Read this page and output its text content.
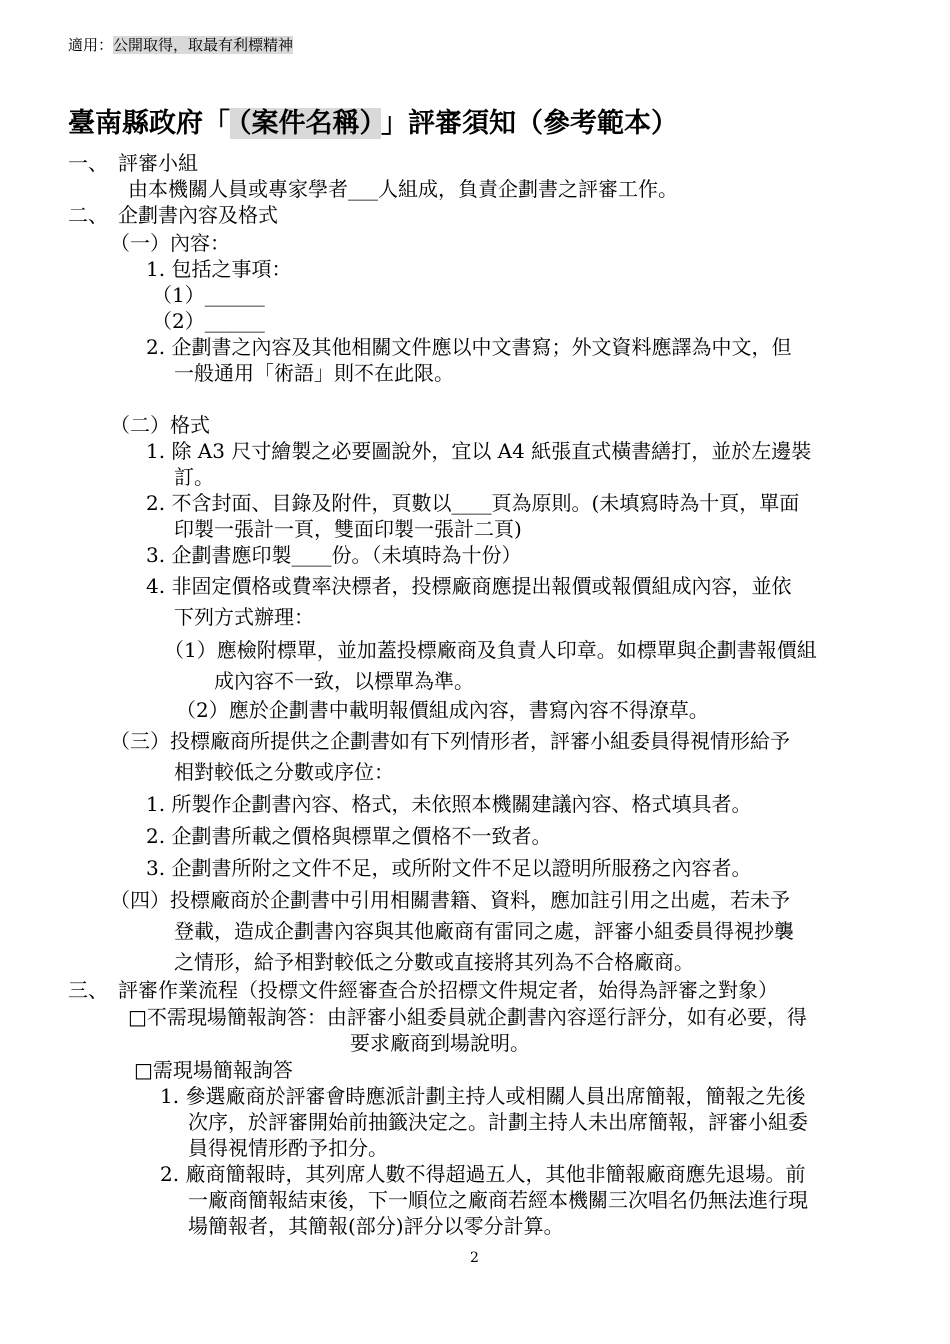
適用：公開取得，取最有利標精神
臺南縣政府「 （案件名稱） 」評審須知（參考範本）
一、　評審小組
由本機關人員或專家學者___人組成，負責企劃書之評審工作。
二、　企劃書內容及格式
（一）內容：
1. 包括之事項：
（1）______
（2）______
2. 企劃書之內容及其他相關文件應以中文書寫；外文資料應譯為中文，但
一般通用「術語」則不在此限。
（二）格式
1. 除 A3 尺寸繪製之必要圖說外，宜以 A4 紙張直式橫書繕打，並於左邊裝
訂。
2. 不含封面、目錄及附件，頁數以____頁為原則。(未填寫時為十頁，單面
印製一張計一頁，雙面印製一張計二頁)
3. 企劃書應印製____份。（未填時為十份）
4. 非固定價格或費率決標者，投標廠商應提出報價或報價組成內容，並依
下列方式辦理：
（1）應檢附標單，並加蓋投標廠商及負責人印章。如標單與企劃書報價組
成內容不一致，以標單為準。
（2）應於企劃書中載明報價組成內容，書寫內容不得潦草。
（三）投標廠商所提供之企劃書如有下列情形者，評審小組委員得視情形給予
相對較低之分數或序位：
1. 所製作企劃書內容、格式，未依照本機關建議內容、格式填具者。
2. 企劃書所載之價格與標單之價格不一致者。
3. 企劃書所附之文件不足，或所附文件不足以證明所服務之內容者。
（四）投標廠商於企劃書中引用相關書籍、資料，應加註引用之出處，若未予
登載，造成企劃書內容與其他廠商有雷同之處，評審小組委員得視抄襲
之情形，給予相對較低之分數或直接將其列為不合格廠商。
三、　評審作業流程（投標文件經審查合於招標文件規定者，始得為評審之對象）
□不需現場簡報詢答：由評審小組委員就企劃書內容逕行評分，如有必要，得
要求廠商到場說明。
□需現場簡報詢答
1. 參選廠商於評審會時應派計劃主持人或相關人員出席簡報，簡報之先後
次序，於評審開始前抽籤決定之。計劃主持人未出席簡報，評審小組委
員得視情形酌予扣分。
2. 廠商簡報時，其列席人數不得超過五人，其他非簡報廠商應先退場。前
一廠商簡報結束後，下一順位之廠商若經本機關三次唱名仍無法進行現
場簡報者，其簡報(部分)評分以零分計算。
2
